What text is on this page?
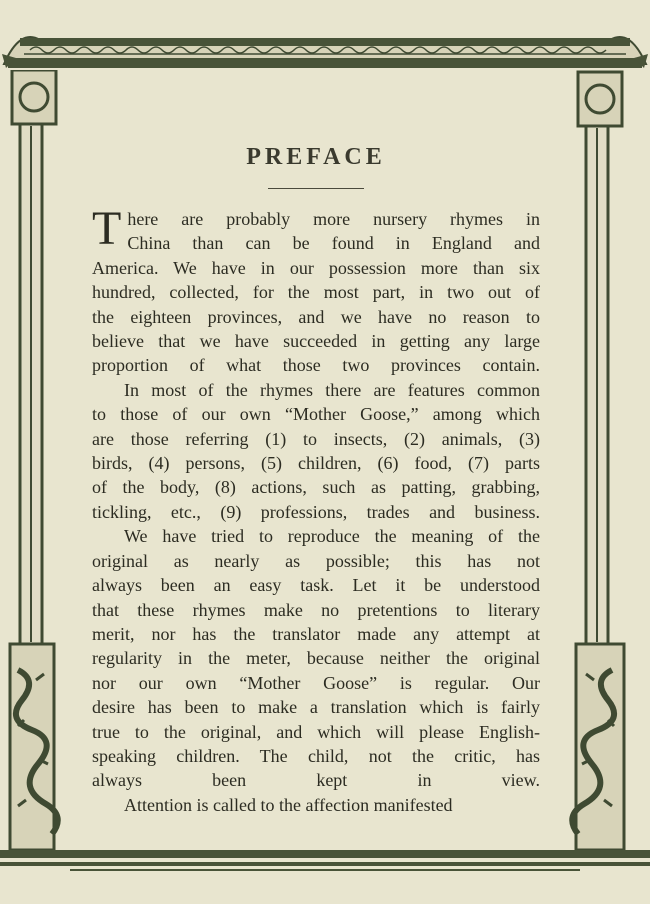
PREFACE

T here are probably more nursery rhymes in
China than can be found in England and
America. We have in our possession more than six
hundred, collected, for the most part, in two out of
the eighteen provinces, and we have no reason to
believe that we have succeeded in getting any large
proportion of what those two provinces contain.

In most of the rhymes there are features common
to those of our own “Mother Goose,” among which
are those referring (1) to insects, (2) animals, (3)
birds, (4) persons, (5) children, (6) food, (7) parts
of the body, (8) actions, such as patting, grabbing,
tickling, etc., (9) professions, trades and business.

We have tried to reproduce the meaning of the
original as nearly as possible; this has not
always been an easy task. Let it be understood
that these rhymes make no pretentions to literary
merit, nor has the translator made any attempt at
regularity in the meter, because neither the original
nor our own “Mother Goose” is regular. Our
desire has been to make a translation which is fairly
true to the original, and which will please English-
speaking children. The child, not the critic, has
always been kept in view.

Attention is called to the affection manifested
